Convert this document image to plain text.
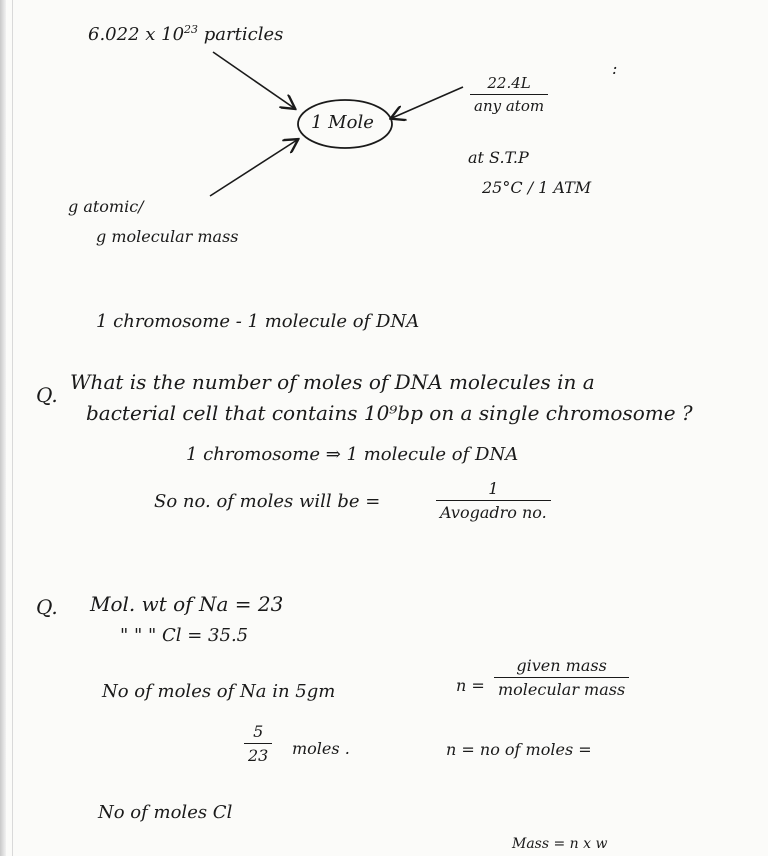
:
6.022 x $10^{23}$ particles
1 Mole
22.4L
any atom
at S.T.P
25°C / 1 ATM
g atomic/
g molecular mass
1 chromosome - 1 molecule of DNA
Q.
What is the number of moles of DNA molecules in a
bacterial cell that contains 10⁹bp on a single chromosome ?
1 chromosome ⇒ 1 molecule of DNA
So no. of moles will be =
1
Avogadro no.
Q. Mol. wt of Na = 23
" " " Cl = 35.5
No of moles of Na in 5gm	n =
given mass
molecular mass
$\frac{5}{23}$ moles .	n = no of moles =
No of moles Cl
Mass = n x w
